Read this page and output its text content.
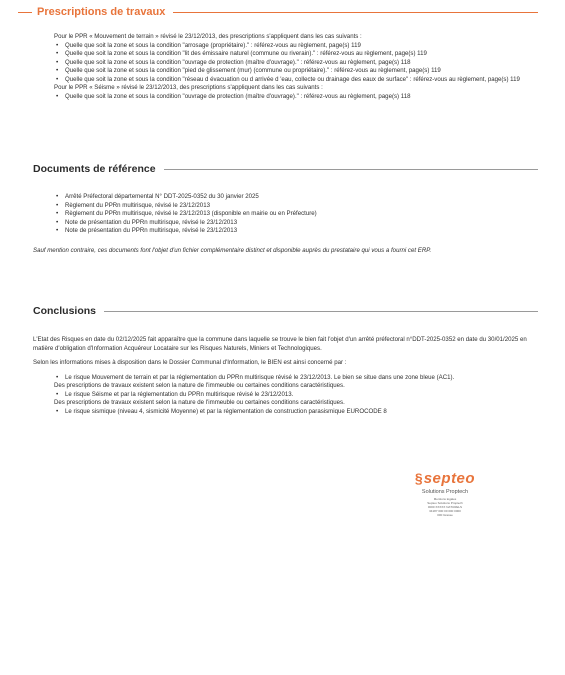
Prescriptions de travaux

Pour le PPR « Mouvement de terrain » révisé le 23/12/2013, des prescriptions s'appliquent dans les cas suivants :

• Quelle que soit la zone et sous la condition "arrosage (propriétaire)." : référez-vous au règlement, page(s) 119
• Quelle que soit la zone et sous la condition "lit des émissaire naturel (commune ou riverain)." : référez-vous au règlement, page(s) 119
• Quelle que soit la zone et sous la condition "ouvrage de protection (maître d'ouvrage)." : référez-vous au règlement, page(s) 118
• Quelle que soit la zone et sous la condition "pied de glissement (mur) (commune ou propriétaire)." : référez-vous au règlement, page(s) 119
• Quelle que soit la zone et sous la condition "réseau d évacuation ou d arrivée d 'eau, collecte ou drainage des eaux de surface" : référez-vous au règlement, page(s) 119

Pour le PPR « Séisme » révisé le 23/12/2013, des prescriptions s'appliquent dans les cas suivants :

• Quelle que soit la zone et sous la condition "ouvrage de protection (maître d'ouvrage)." : référez-vous au règlement, page(s) 118
Documents de référence
• Arrêté Préfectoral départemental N° DDT-2025-0352 du 30 janvier 2025
• Règlement du PPRn multirisque, révisé le 23/12/2013
• Règlement du PPRn multirisque, révisé le 23/12/2013 (disponible en mairie ou en Préfecture)
• Note de présentation du PPRn multirisque, révisé le 23/12/2013
• Note de présentation du PPRn multirisque, révisé le 23/12/2013
Sauf mention contraire, ces documents font l'objet d'un fichier complémentaire distinct et disponible auprès du prestataire qui vous a fourni cet ERP.
Conclusions

L'Etat des Risques en date du 02/12/2025 fait apparaître que la commune dans laquelle se trouve le bien fait l'objet d'un arrêté préfectoral n°DDT-2025-0352 en date du 30/01/2025 en matière d'obligation d'Information Acquéreur Locataire sur les Risques Naturels, Miniers et Technologiques.

Selon les informations mises à disposition dans le Dossier Communal d'Information, le BIEN est ainsi concerné par :

• Le risque Mouvement de terrain et par la réglementation du PPRn multirisque révisé le 23/12/2013. Le bien se situe dans une zone bleue (AC1).

Des prescriptions de travaux existent selon la nature de l'immeuble ou certaines conditions caractéristiques.

• Le risque Séisme et par la réglementation du PPRn multirisque révisé le 23/12/2013.

Des prescriptions de travaux existent selon la nature de l'immeuble ou certaines conditions caractéristiques.

• Le risque sismique (niveau 4, sismicité Moyenne) et par la réglementation de construction parasismique EUROCODE 8
§septeo
Solutions Proptech
Mentions légales
Septeo Solutions Proptech
0000 XXXXX NATURELS
34187 000 00 000 0000
000 Grasse
